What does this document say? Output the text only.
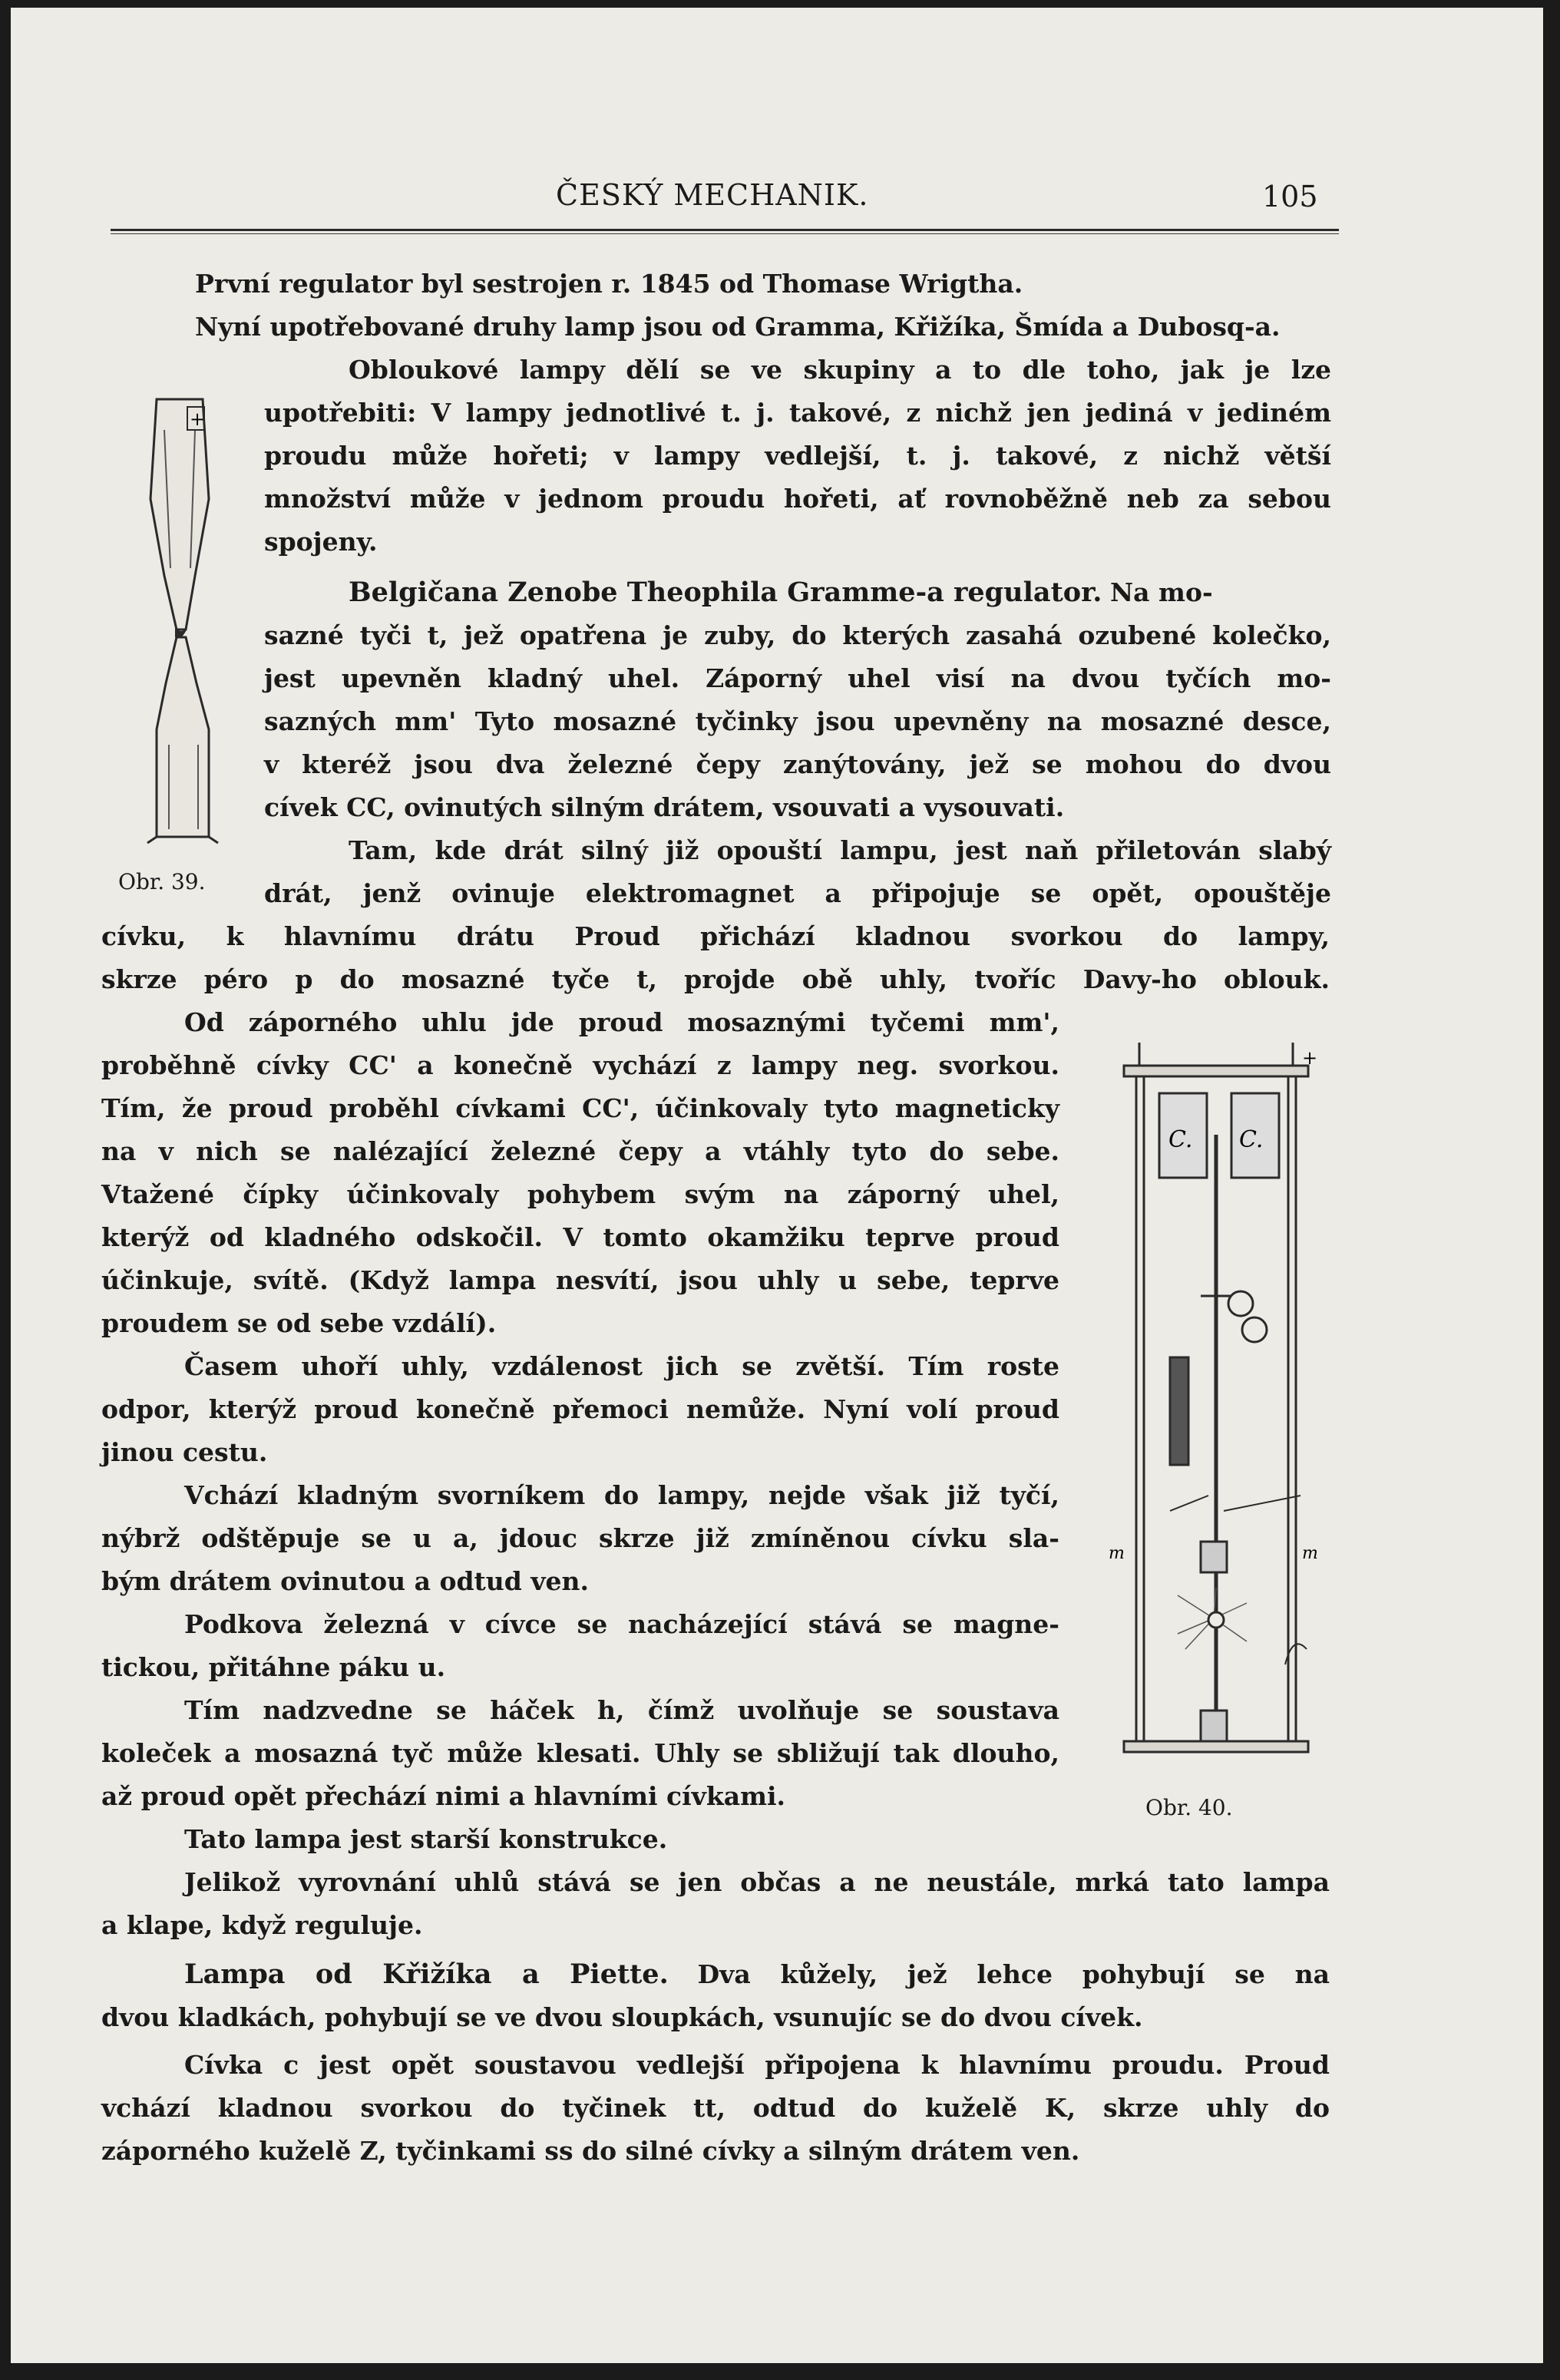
ČESKÝ MECHANIK.	105
První regulator byl sestrojen r. 1845 od Thomase Wrigtha.
Nyní upotřebované druhy lamp jsou od Gramma, Křižíka, Šmída a Dubosq-a.
Obloukové lampy dělí se ve skupiny a to dle toho, jak je lze
upotřebiti: V lampy jednotlivé t. j. takové, z nichž jen jediná v jediném
proudu může hořeti; v lampy vedlejší, t. j. takové, z nichž větší
množství může v jednom proudu hořeti, ať rovnoběžně neb za sebou
spojeny.
Belgičana Zenobe Theophila Gramme-a regulator. Na mo-
sazné tyči t, jež opatřena je zuby, do kterých zasahá ozubené kolečko,
jest upevněn kladný uhel. Záporný uhel visí na dvou tyčích mo-
sazných mm' Tyto mosazné tyčinky jsou upevněny na mosazné desce,
v kteréž jsou dva železné čepy zanýtovány, jež se mohou do dvou
cívek CC, ovinutých silným drátem, vsouvati a vysouvati.
Tam, kde drát silný již opouští lampu, jest naň přiletován slabý
drát, jenž ovinuje elektromagnet a připojuje se opět, opouštěje
cívku, k hlavnímu drátu Proud přichází kladnou svorkou do lampy,
skrze péro p do mosazné tyče t, projde obě uhly, tvoříc Davy-ho oblouk.
Od záporného uhlu jde proud mosaznými tyčemi mm',
proběhně cívky CC' a konečně vychází z lampy neg. svorkou.
Tím, že proud proběhl cívkami CC', účinkovaly tyto magneticky
na v nich se nalézající železné čepy a vtáhly tyto do sebe.
Vtažené čípky účinkovaly pohybem svým na záporný uhel,
kterýž od kladného odskočil. V tomto okamžiku teprve proud
účinkuje, svítě. (Když lampa nesvítí, jsou uhly u sebe, teprve
proudem se od sebe vzdálí).
Časem uhoří uhly, vzdálenost jich se zvětší. Tím roste
odpor, kterýž proud konečně přemoci nemůže. Nyní volí proud
jinou cestu.
Vchází kladným svorníkem do lampy, nejde však již tyčí,
nýbrž odštěpuje se u a, jdouc skrze již zmíněnou cívku sla-
bým drátem ovinutou a odtud ven.
Podkova železná v cívce se nacházející stává se magne-
tickou, přitáhne páku u.
Tím nadzvedne se háček h, čímž uvolňuje se soustava
koleček a mosazná tyč může klesati. Uhly se sbližují tak dlouho,
až proud opět přechází nimi a hlavními cívkami.
Tato lampa jest starší konstrukce.
Jelikož vyrovnání uhlů stává se jen občas a ne neustále, mrká tato lampa
a klape, když reguluje.
Lampa od Křižíka a Piette. Dva kůžely, jež lehce pohybují se na
dvou kladkách, pohybují se ve dvou sloupkách, vsunujíc se do dvou cívek.
Cívka c jest opět soustavou vedlejší připojena k hlavnímu proudu. Proud
vchází kladnou svorkou do tyčinek tt, odtud do kuželě K, skrze uhly do
záporného kuželě Z, tyčinkami ss do silné cívky a silným drátem ven.
+
Obr. 39.
C. C.
m	m
+
Obr. 40.
